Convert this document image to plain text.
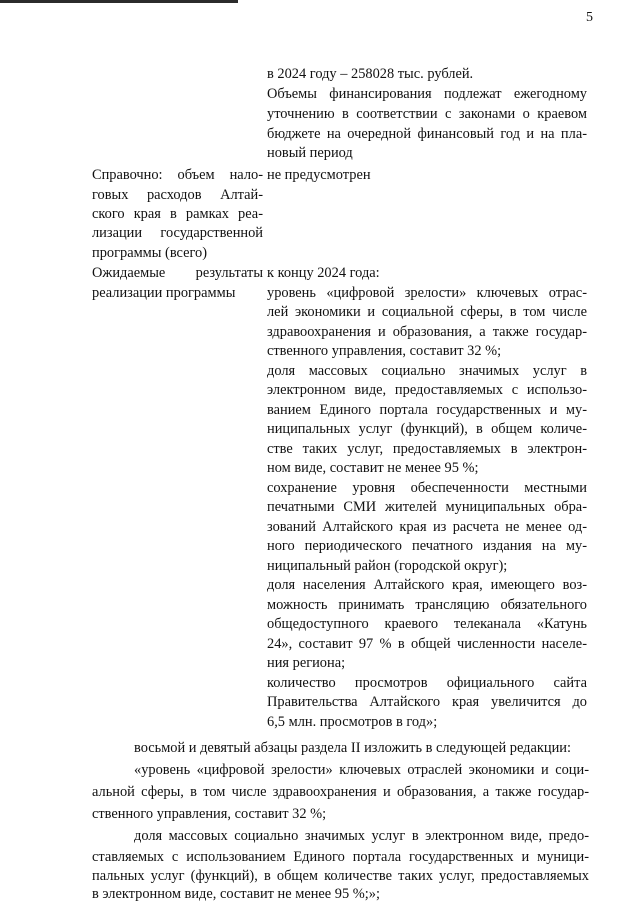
5
в 2024 году – 258028 тыс. рублей.
Объемы финансирования подлежат ежегодному
уточнению в соответствии с законами о краевом
бюджете на очередной финансовый год и на пла-
новый период
Справочно: объем нало-
говых расходов Алтай-
ского края в рамках реа-
лизации государственной
программы (всего)
не предусмотрен
Ожидаемые результаты
реализации программы
к концу 2024 года:
уровень «цифровой зрелости» ключевых отрас-
лей экономики и социальной сферы, в том числе
здравоохранения и образования, а также государ-
ственного управления, составит 32 %;
доля массовых социально значимых услуг в
электронном виде, предоставляемых с использо-
ванием Единого портала государственных и му-
ниципальных услуг (функций), в общем количе-
стве таких услуг, предоставляемых в электрон-
ном виде, составит не менее 95 %;
сохранение уровня обеспеченности местными
печатными СМИ жителей муниципальных обра-
зований Алтайского края из расчета не менее од-
ного периодического печатного издания на му-
ниципальный район (городской округ);
доля населения Алтайского края, имеющего воз-
можность принимать трансляцию обязательного
общедоступного краевого телеканала «Катунь
24», составит 97 % в общей численности населе-
ния региона;
количество просмотров официального сайта
Правительства Алтайского края увеличится до
6,5 млн. просмотров в год»;
восьмой и девятый абзацы раздела II изложить в следующей редакции:
«уровень «цифровой зрелости» ключевых отраслей экономики и соци-
альной сферы, в том числе здравоохранения и образования, а также государ-
ственного управления, составит 32 %;
доля массовых социально значимых услуг в электронном виде, предо-
ставляемых с использованием Единого портала государственных и муници-
пальных услуг (функций), в общем количестве таких услуг, предоставляемых
в электронном виде, составит не менее 95 %;»;
